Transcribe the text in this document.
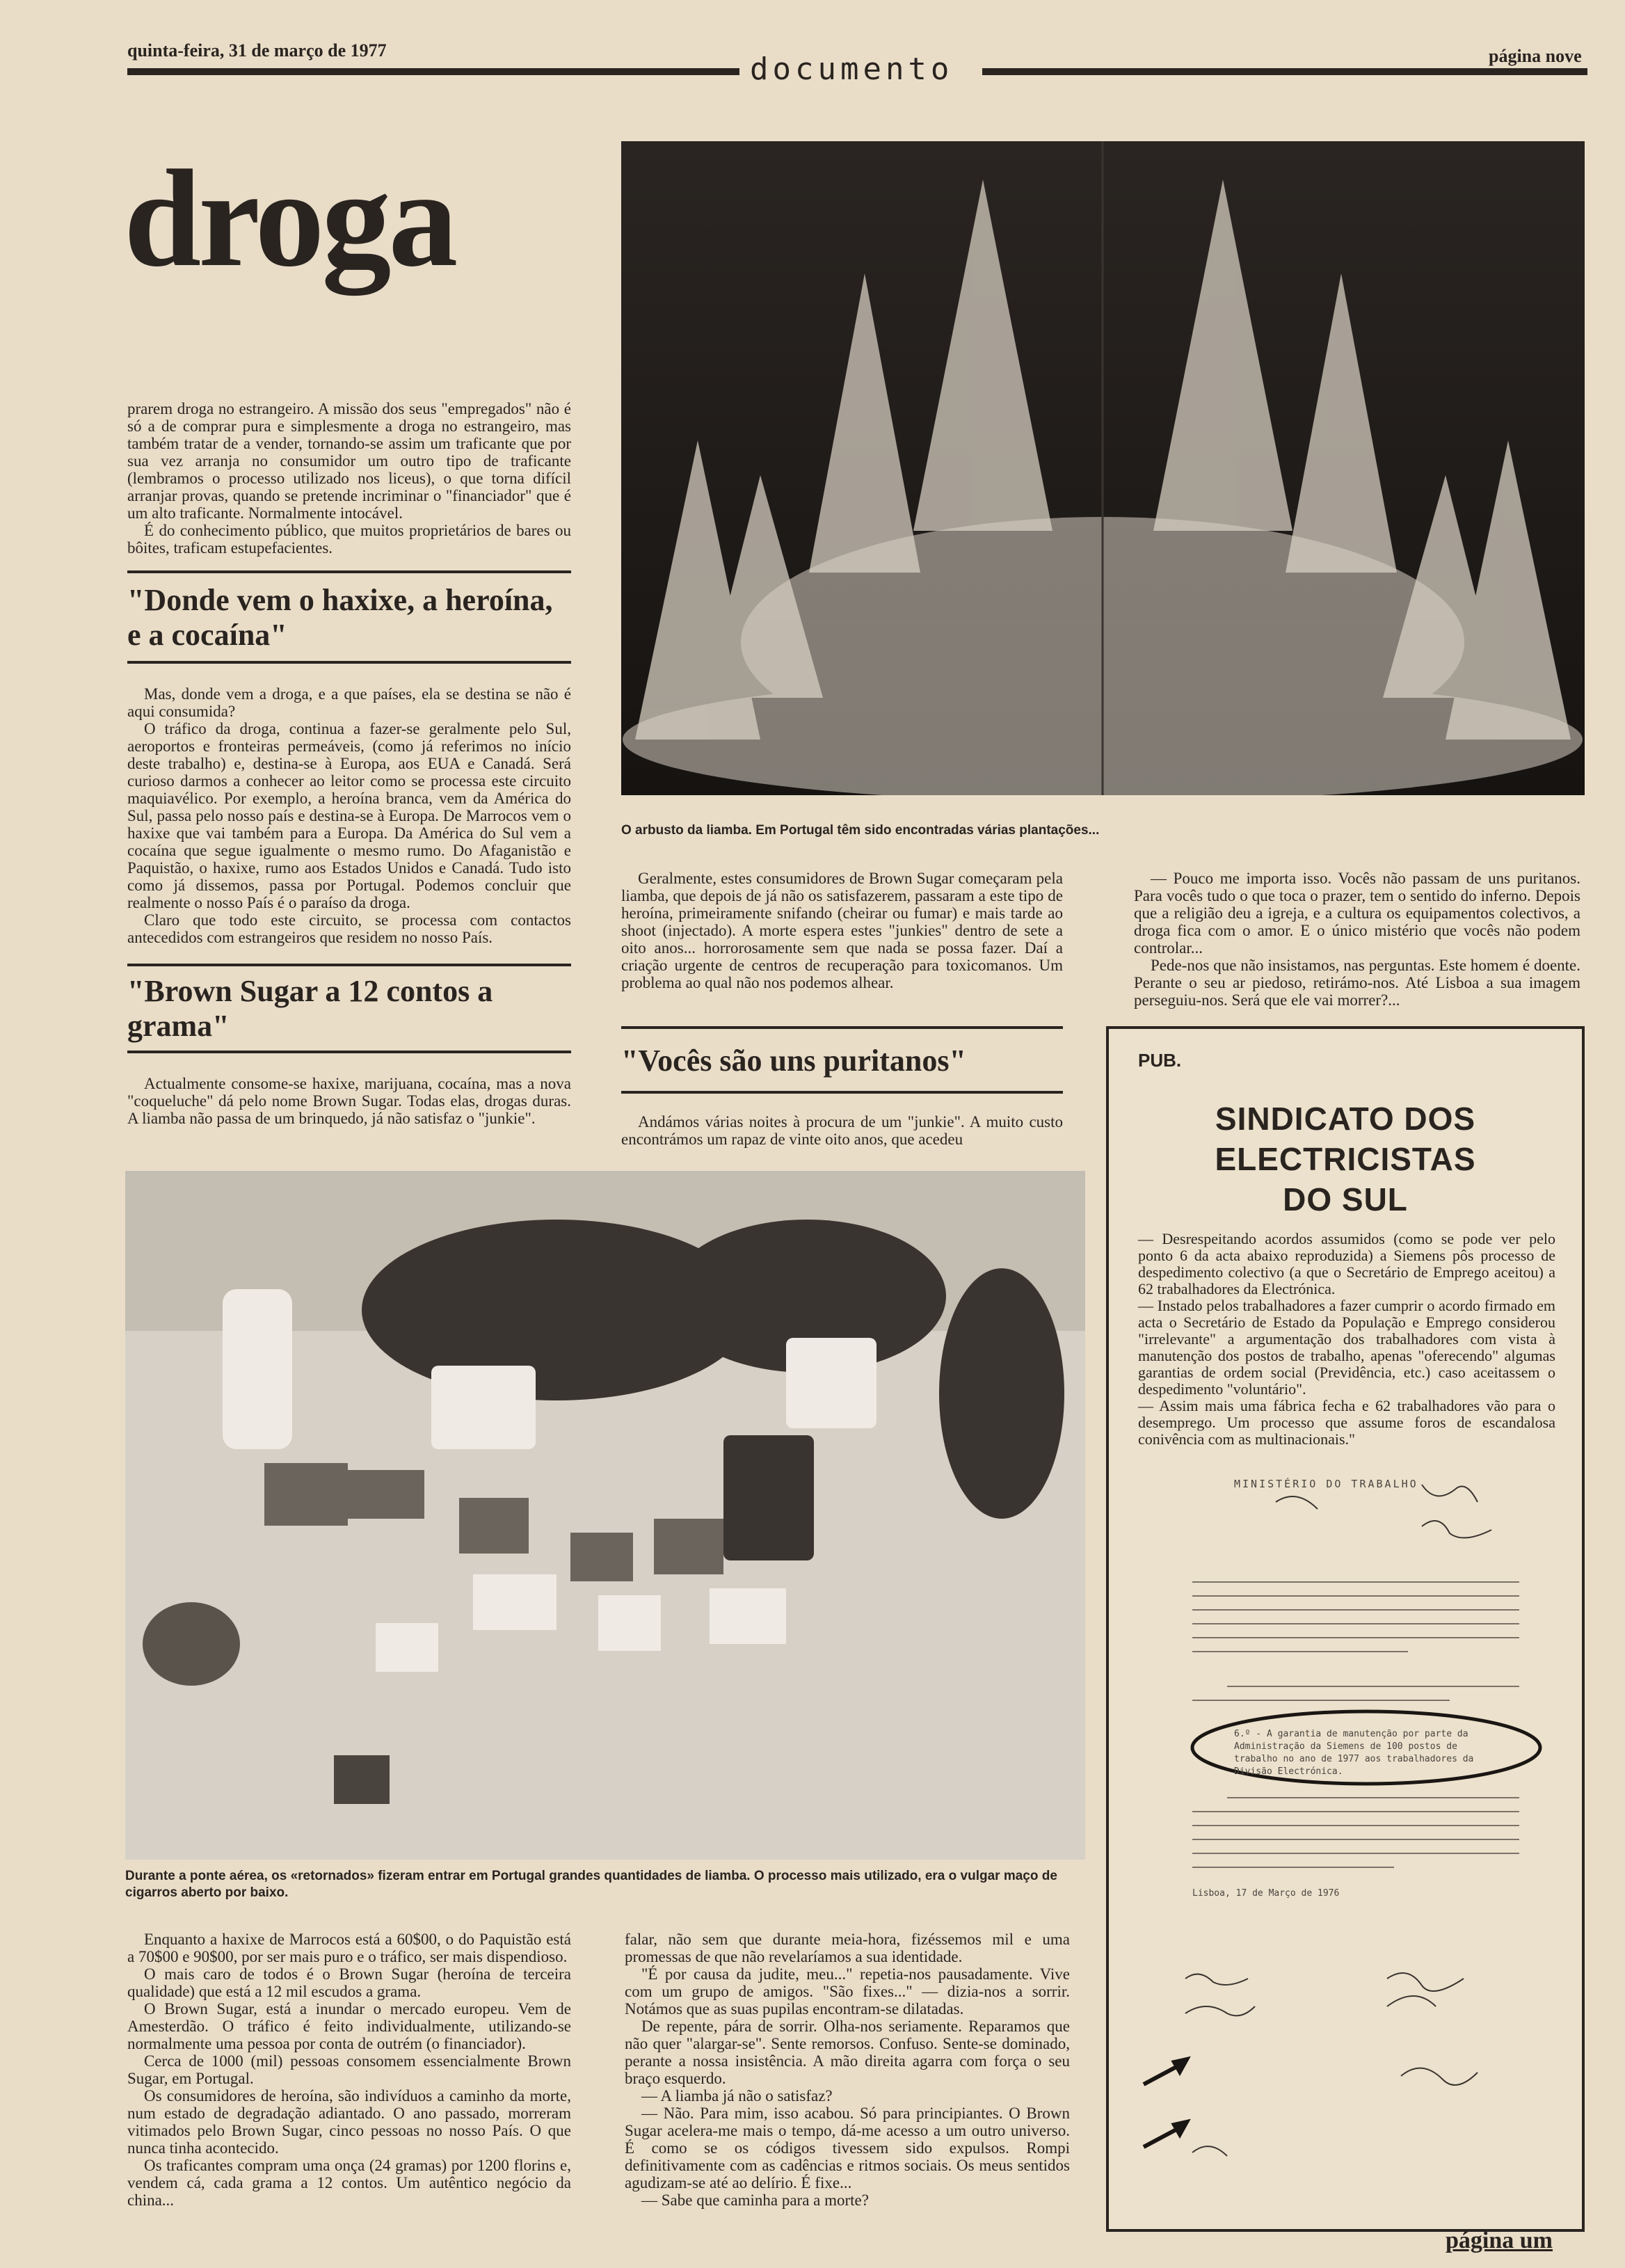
quinta-feira, 31 de março de 1977
documento	página nove
droga

prarem droga no estrangeiro. A missão dos seus "empregados" não é só a de comprar pura e simplesmente a droga no estrangeiro, mas também tratar de a vender, tornando-se assim um traficante que por sua vez arranja no consumidor um outro tipo de traficante (lembramos o processo utilizado nos liceus), o que torna difícil arranjar provas, quando se pretende incriminar o "financiador" que é um alto traficante. Normalmente intocável.

É do conhecimento público, que muitos proprietários de bares ou bôites, traficam estupefacientes.

"Donde vem o haxixe, a heroína, e a cocaína"

Mas, donde vem a droga, e a que países, ela se destina se não é aqui consumida?

O tráfico da droga, continua a fazer-se geralmente pelo Sul, aeroportos e fronteiras permeáveis, (como já referimos no início deste trabalho) e, destina-se à Europa, aos EUA e Canadá. Será curioso darmos a conhecer ao leitor como se processa este circuito maquiavélico. Por exemplo, a heroína branca, vem da América do Sul, passa pelo nosso país e destina-se à Europa. De Marrocos vem o haxixe que vai também para a Europa. Da América do Sul vem a cocaína que segue igualmente o mesmo rumo. Do Afaganistão e Paquistão, o haxixe, rumo aos Estados Unidos e Canadá. Tudo isto como já dissemos, passa por Portugal. Podemos concluir que realmente o nosso País é o paraíso da droga.

Claro que todo este circuito, se processa com contactos antecedidos com estrangeiros que residem no nosso País.

"Brown Sugar a 12 contos a grama"

Actualmente consome-se haxixe, marijuana, cocaína, mas a nova "coqueluche" dá pelo nome Brown Sugar. Todas elas, drogas duras. A liamba não passa de um brinquedo, já não satisfaz o "junkie".

O arbusto da liamba. Em Portugal têm sido encontradas várias plantações...

Geralmente, estes consumidores de Brown Sugar começaram pela liamba, que depois de já não os satisfazerem, passaram a este tipo de heroína, primeiramente snifando (cheirar ou fumar) e mais tarde ao shoot (injectado). A morte espera estes "junkies" dentro de sete a oito anos... horrorosamente sem que nada se possa fazer. Daí a criação urgente de centros de recuperação para toxicomanos. Um problema ao qual não nos podemos alhear.

"Vocês são uns puritanos"

Andámos várias noites à procura de um "junkie". A muito custo encontrámos um rapaz de vinte oito anos, que acedeu

— Pouco me importa isso. Vocês não passam de uns puritanos. Para vocês tudo o que toca o prazer, tem o sentido do inferno. Depois que a religião deu a igreja, e a cultura os equipamentos colectivos, a droga fica com o amor. E o único mistério que vocês não podem controlar...

Pede-nos que não insistamos, nas perguntas. Este homem é doente. Perante o seu ar piedoso, retirámo-nos. Até Lisboa a sua imagem perseguiu-nos. Será que ele vai morrer?...

Durante a ponte aérea, os «retornados» fizeram entrar em Portugal grandes quantidades de liamba. O processo mais utilizado, era o vulgar maço de cigarros aberto por baixo.

Enquanto a haxixe de Marrocos está a 60$00, o do Paquistão está a 70$00 e 90$00, por ser mais puro e o tráfico, ser mais dispendioso.

O mais caro de todos é o Brown Sugar (heroína de terceira qualidade) que está a 12 mil escudos a grama.

O Brown Sugar, está a inundar o mercado europeu. Vem de Amesterdão. O tráfico é feito individualmente, utilizando-se normalmente uma pessoa por conta de outrém (o financiador).

Cerca de 1000 (mil) pessoas consomem essencialmente Brown Sugar, em Portugal.

Os consumidores de heroína, são indivíduos a caminho da morte, num estado de degradação adiantado. O ano passado, morreram vitimados pelo Brown Sugar, cinco pessoas no nosso País. O que nunca tinha acontecido.

Os traficantes compram uma onça (24 gramas) por 1200 florins e, vendem cá, cada grama a 12 contos. Um autêntico negócio da china...

falar, não sem que durante meia-hora, fizéssemos mil e uma promessas de que não revelaríamos a sua identidade.

"É por causa da judite, meu..." repetia-nos pausadamente. Vive com um grupo de amigos. "São fixes..." — dizia-nos a sorrir. Notámos que as suas pupilas encontram-se dilatadas.

De repente, pára de sorrir. Olha-nos seriamente. Reparamos que não quer "alargar-se". Sente remorsos. Confuso. Sente-se dominado, perante a nossa insistência. A mão direita agarra com força o seu braço esquerdo.

— A liamba já não o satisfaz?

— Não. Para mim, isso acabou. Só para principiantes. O Brown Sugar acelera-me mais o tempo, dá-me acesso a um outro universo. É como se os códigos tivessem sido expulsos. Rompi definitivamente com as cadências e ritmos sociais. Os meus sentidos agudizam-se até ao delírio. É fixe...

— Sabe que caminha para a morte?

PUB.
SINDICATO DOS ELECTRICISTAS
DO SUL

— Desrespeitando acordos assumidos (como se pode ver pelo ponto 6 da acta abaixo reproduzida) a Siemens pôs processo de despedimento colectivo (a que o Secretário de Emprego aceitou) a 62 trabalhadores da Electrónica.

— Instado pelos trabalhadores a fazer cumprir o acordo firmado em acta o Secretário de Estado da População e Emprego considerou "irrelevante" a argumentação dos trabalhadores com vista à manutenção dos postos de trabalho, apenas "oferecendo" algumas garantias de ordem social (Previdência, etc.) caso aceitassem o despedimento "voluntário".

— Assim mais uma fábrica fecha e 62 trabalhadores vão para o desemprego. Um processo que assume foros de escandalosa conivência com as multinacionais."

MINISTÉRIO DO TRABALHO
6.º - A garantia de manutenção por parte da Administração da Siemens de 100 postos de trabalho no ano de 1977 aos trabalhadores da Divisão Electrónica.
Lisboa, 17 de Março de 1976
página um
